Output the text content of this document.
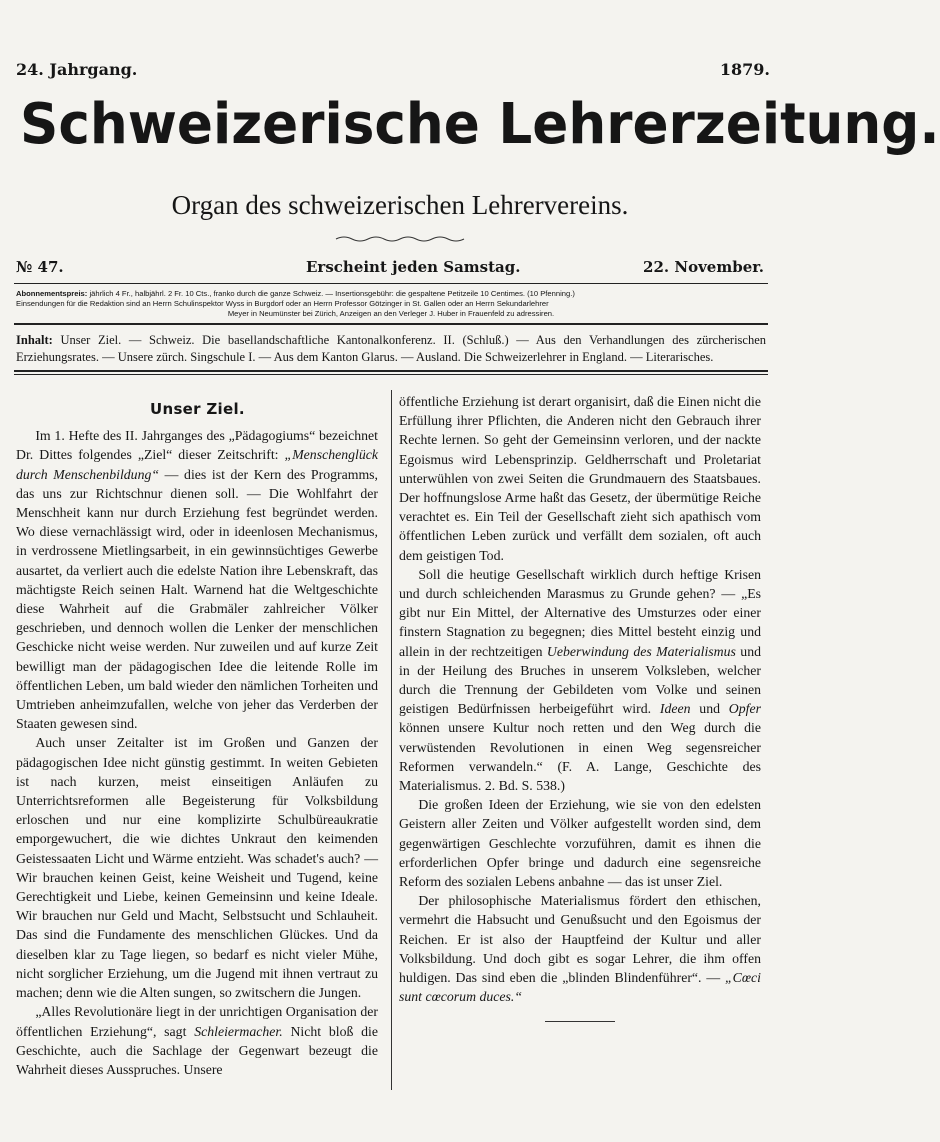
24. Jahrgang.	1879.
Schweizerische Lehrerzeitung.
Organ des schweizerischen Lehrervereins.
№ 47.	Erscheint jeden Samstag.	22. November.
Abonnementspreis: jährlich 4 Fr., halbjährl. 2 Fr. 10 Cts., franko durch die ganze Schweiz. — Insertionsgebühr: die gespaltene Petitzeile 10 Centimes. (10 Pfenning.)
Einsendungen für die Redaktion sind an Herrn Schulinspektor Wyss in Burgdorf oder an Herrn Professor Götzinger in St. Gallen oder an Herrn Sekundarlehrer
Meyer in Neumünster bei Zürich, Anzeigen an den Verleger J. Huber in Frauenfeld zu adressiren.
Inhalt: Unser Ziel. — Schweiz. Die basellandschaftliche Kantonalkonferenz. II. (Schluß.) — Aus den Verhandlungen des zürcherischen Erziehungsrates. — Unsere zürch. Singschule I. — Aus dem Kanton Glarus. — Ausland. Die Schweizerlehrer in England. — Literarisches.
Unser Ziel.

Im 1. Hefte des II. Jahrganges des „Pädagogiums“ bezeichnet Dr. Dittes folgendes „Ziel“ dieser Zeitschrift: „Menschenglück durch Menschenbildung“ — dies ist der Kern des Programms, das uns zur Richtschnur dienen soll. — Die Wohlfahrt der Menschheit kann nur durch Erziehung fest begründet werden. Wo diese vernachlässigt wird, oder in ideenlosen Mechanismus, in verdrossene Mietlingsarbeit, in ein gewinnsüchtiges Gewerbe ausartet, da verliert auch die edelste Nation ihre Lebenskraft, das mächtigste Reich seinen Halt. Warnend hat die Weltgeschichte diese Wahrheit auf die Grabmäler zahlreicher Völker geschrieben, und dennoch wollen die Lenker der menschlichen Geschicke nicht weise werden. Nur zuweilen und auf kurze Zeit bewilligt man der pädagogischen Idee die leitende Rolle im öffentlichen Leben, um bald wieder den nämlichen Torheiten und Umtrieben anheimzufallen, welche von jeher das Verderben der Staaten gewesen sind.

Auch unser Zeitalter ist im Großen und Ganzen der pädagogischen Idee nicht günstig gestimmt. In weiten Gebieten ist nach kurzen, meist einseitigen Anläufen zu Unterrichtsreformen alle Begeisterung für Volksbildung erloschen und nur eine komplizirte Schulbüreaukratie emporgewuchert, die wie dichtes Unkraut den keimenden Geistessaaten Licht und Wärme entzieht. Was schadet's auch? — Wir brauchen keinen Geist, keine Weisheit und Tugend, keine Gerechtigkeit und Liebe, keinen Gemeinsinn und keine Ideale. Wir brauchen nur Geld und Macht, Selbstsucht und Schlauheit. Das sind die Fundamente des menschlichen Glückes. Und da dieselben klar zu Tage liegen, so bedarf es nicht vieler Mühe, nicht sorglicher Erziehung, um die Jugend mit ihnen vertraut zu machen; denn wie die Alten sungen, so zwitschern die Jungen.

„Alles Revolutionäre liegt in der unrichtigen Organisation der öffentlichen Erziehung“, sagt Schleiermacher. Nicht bloß die Geschichte, auch die Sachlage der Gegenwart bezeugt die Wahrheit dieses Ausspruches. Unsere

öffentliche Erziehung ist derart organisirt, daß die Einen nicht die Erfüllung ihrer Pflichten, die Anderen nicht den Gebrauch ihrer Rechte lernen. So geht der Gemeinsinn verloren, und der nackte Egoismus wird Lebensprinzip. Geldherrschaft und Proletariat unterwühlen von zwei Seiten die Grundmauern des Staatsbaues. Der hoffnungslose Arme haßt das Gesetz, der übermütige Reiche verachtet es. Ein Teil der Gesellschaft zieht sich apathisch vom öffentlichen Leben zurück und verfällt dem sozialen, oft auch dem geistigen Tod.

Soll die heutige Gesellschaft wirklich durch heftige Krisen und durch schleichenden Marasmus zu Grunde gehen? — „Es gibt nur Ein Mittel, der Alternative des Umsturzes oder einer finstern Stagnation zu begegnen; dies Mittel besteht einzig und allein in der rechtzeitigen Ueberwindung des Materialismus und in der Heilung des Bruches in unserem Volksleben, welcher durch die Trennung der Gebildeten vom Volke und seinen geistigen Bedürfnissen herbeigeführt wird. Ideen und Opfer können unsere Kultur noch retten und den Weg durch die verwüstenden Revolutionen in einen Weg segensreicher Reformen verwandeln.“ (F. A. Lange, Geschichte des Materialismus. 2. Bd. S. 538.)

Die großen Ideen der Erziehung, wie sie von den edelsten Geistern aller Zeiten und Völker aufgestellt worden sind, dem gegenwärtigen Geschlechte vorzuführen, damit es ihnen die erforderlichen Opfer bringe und dadurch eine segensreiche Reform des sozialen Lebens anbahne — das ist unser Ziel.

Der philosophische Materialismus fördert den ethischen, vermehrt die Habsucht und Genußsucht und den Egoismus der Reichen. Er ist also der Hauptfeind der Kultur und aller Volksbildung. Und doch gibt es sogar Lehrer, die ihm offen huldigen. Das sind eben die „blinden Blindenführer“. — „Cœci sunt cœcorum duces.“
